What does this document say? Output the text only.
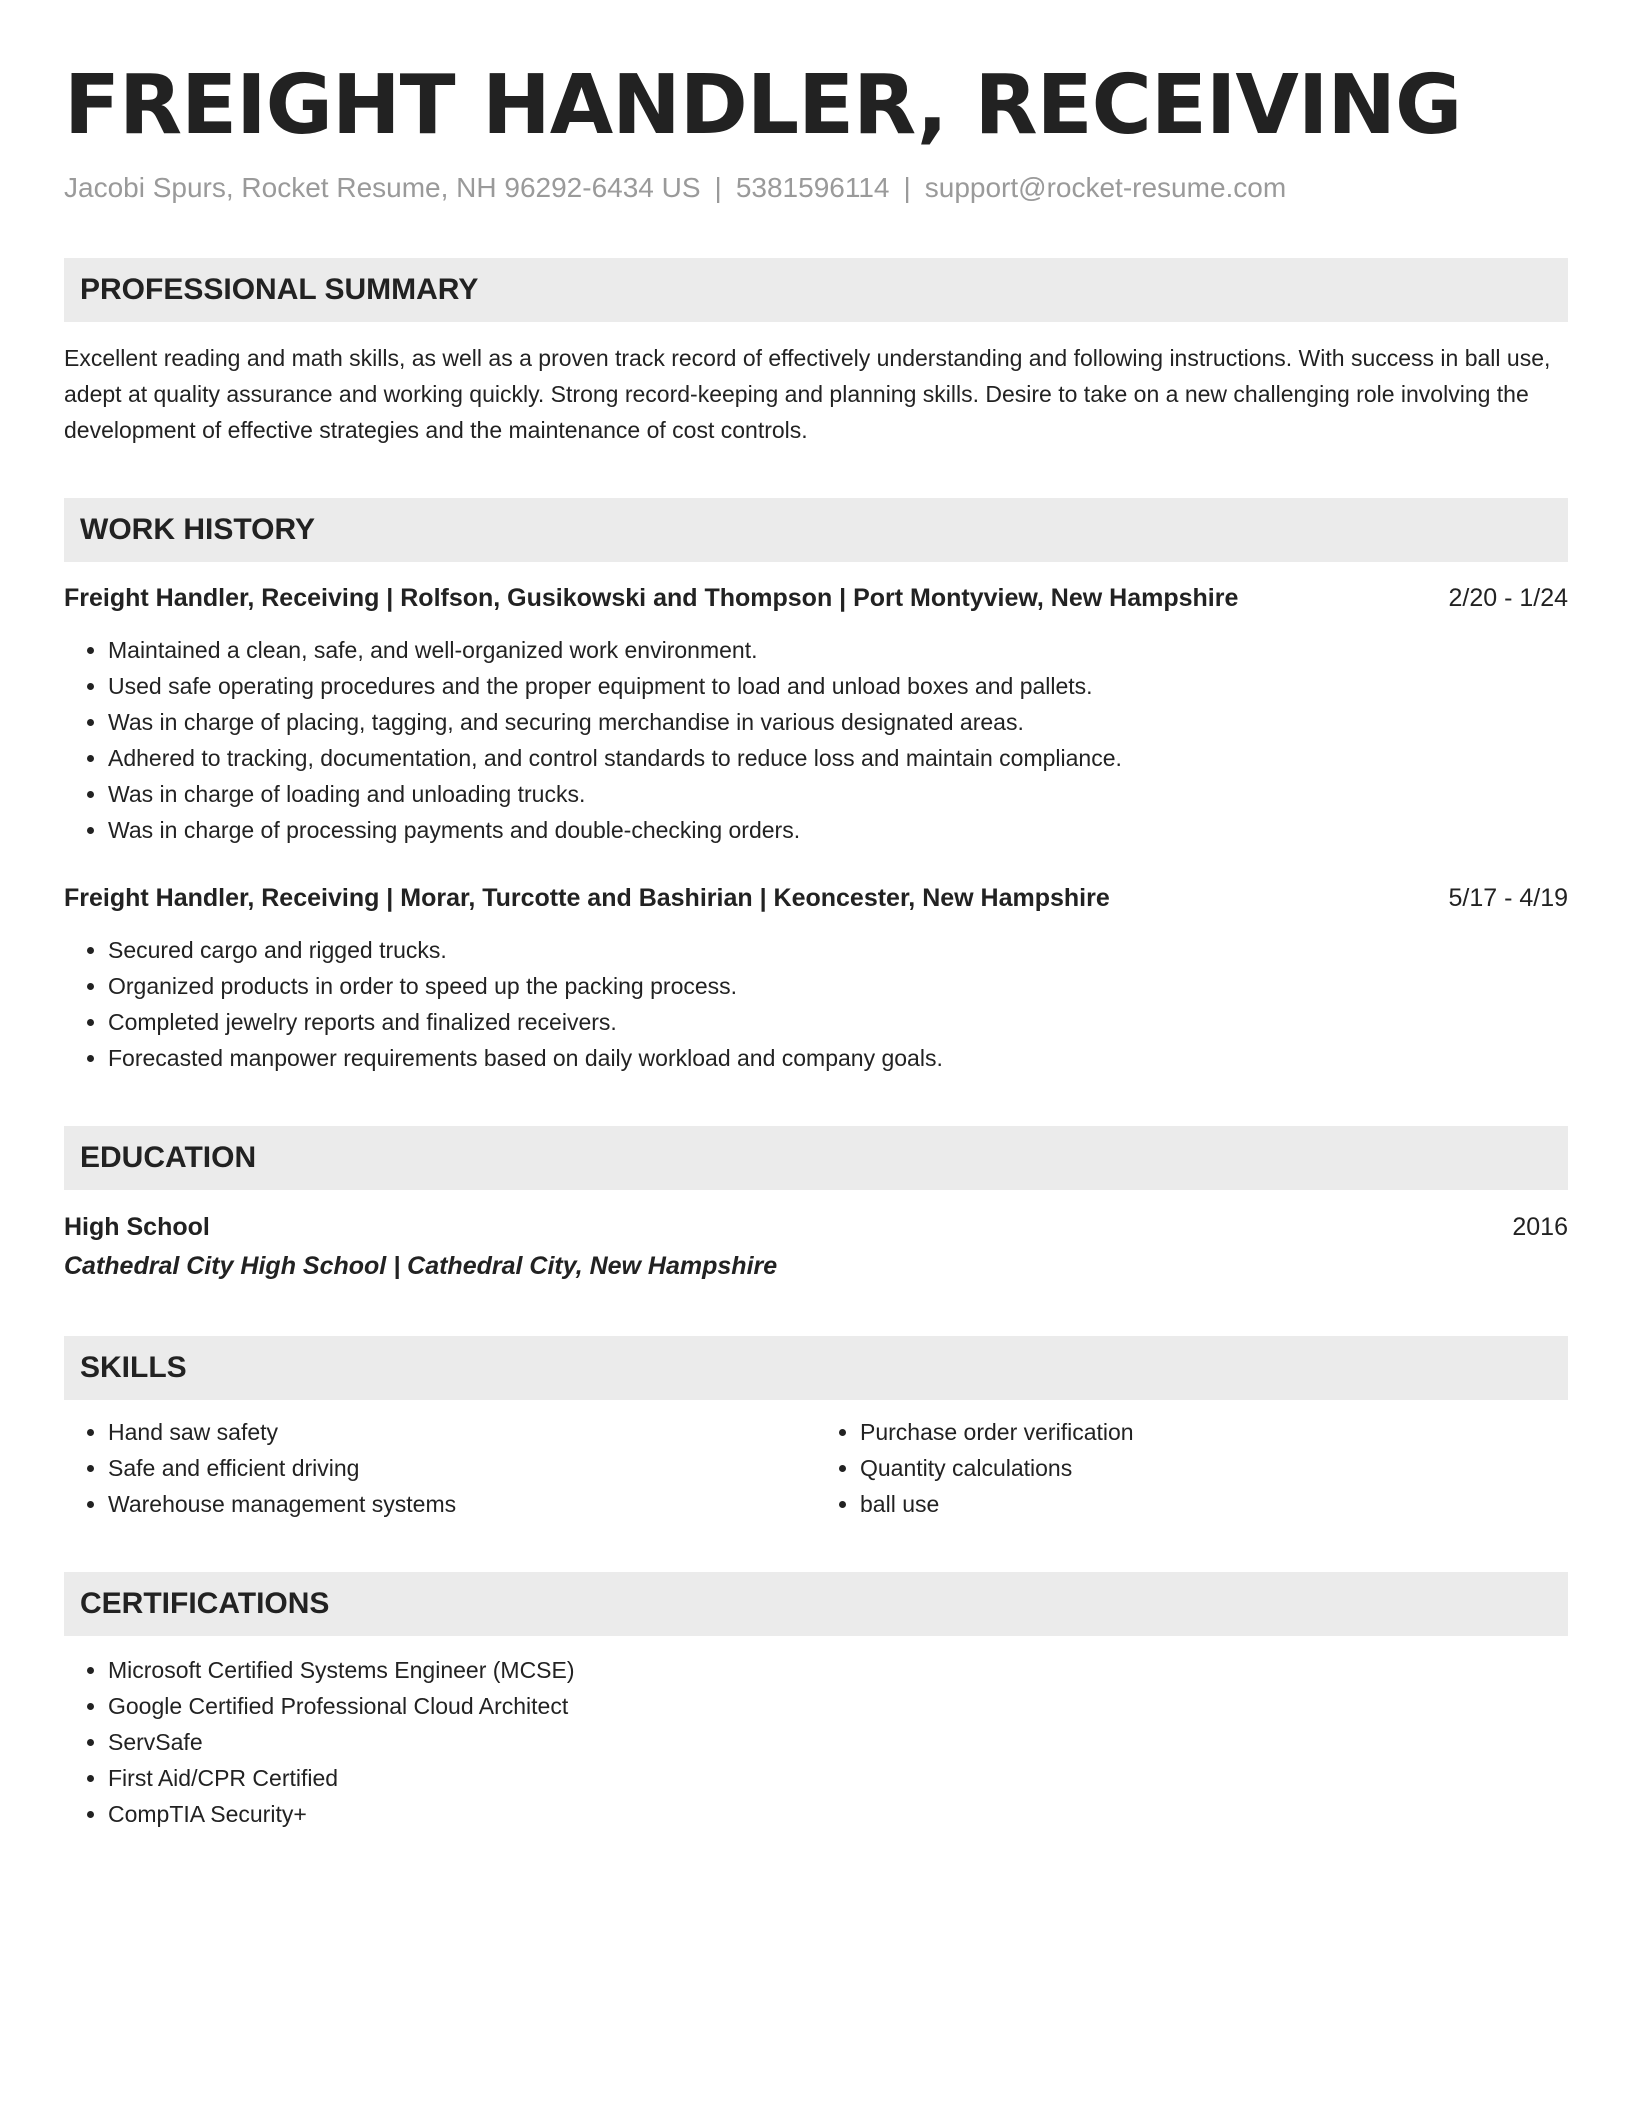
FREIGHT HANDLER, RECEIVING
Jacobi Spurs, Rocket Resume, NH 96292-6434 US | 5381596114 | support@rocket-resume.com
PROFESSIONAL SUMMARY
Excellent reading and math skills, as well as a proven track record of effectively understanding and following instructions. With success in ball use, adept at quality assurance and working quickly. Strong record-keeping and planning skills. Desire to take on a new challenging role involving the development of effective strategies and the maintenance of cost controls.
WORK HISTORY
Freight Handler, Receiving | Rolfson, Gusikowski and Thompson | Port Montyview, New Hampshire	2/20 - 1/24
• Maintained a clean, safe, and well-organized work environment.
• Used safe operating procedures and the proper equipment to load and unload boxes and pallets.
• Was in charge of placing, tagging, and securing merchandise in various designated areas.
• Adhered to tracking, documentation, and control standards to reduce loss and maintain compliance.
• Was in charge of loading and unloading trucks.
• Was in charge of processing payments and double-checking orders.
Freight Handler, Receiving | Morar, Turcotte and Bashirian | Keoncester, New Hampshire	5/17 - 4/19
• Secured cargo and rigged trucks.
• Organized products in order to speed up the packing process.
• Completed jewelry reports and finalized receivers.
• Forecasted manpower requirements based on daily workload and company goals.
EDUCATION
High School	2016
Cathedral City High School | Cathedral City, New Hampshire
SKILLS
• Hand saw safety
• Safe and efficient driving
• Warehouse management systems
• Purchase order verification
• Quantity calculations
• ball use
CERTIFICATIONS
• Microsoft Certified Systems Engineer (MCSE)
• Google Certified Professional Cloud Architect
• ServSafe
• First Aid/CPR Certified
• CompTIA Security+
